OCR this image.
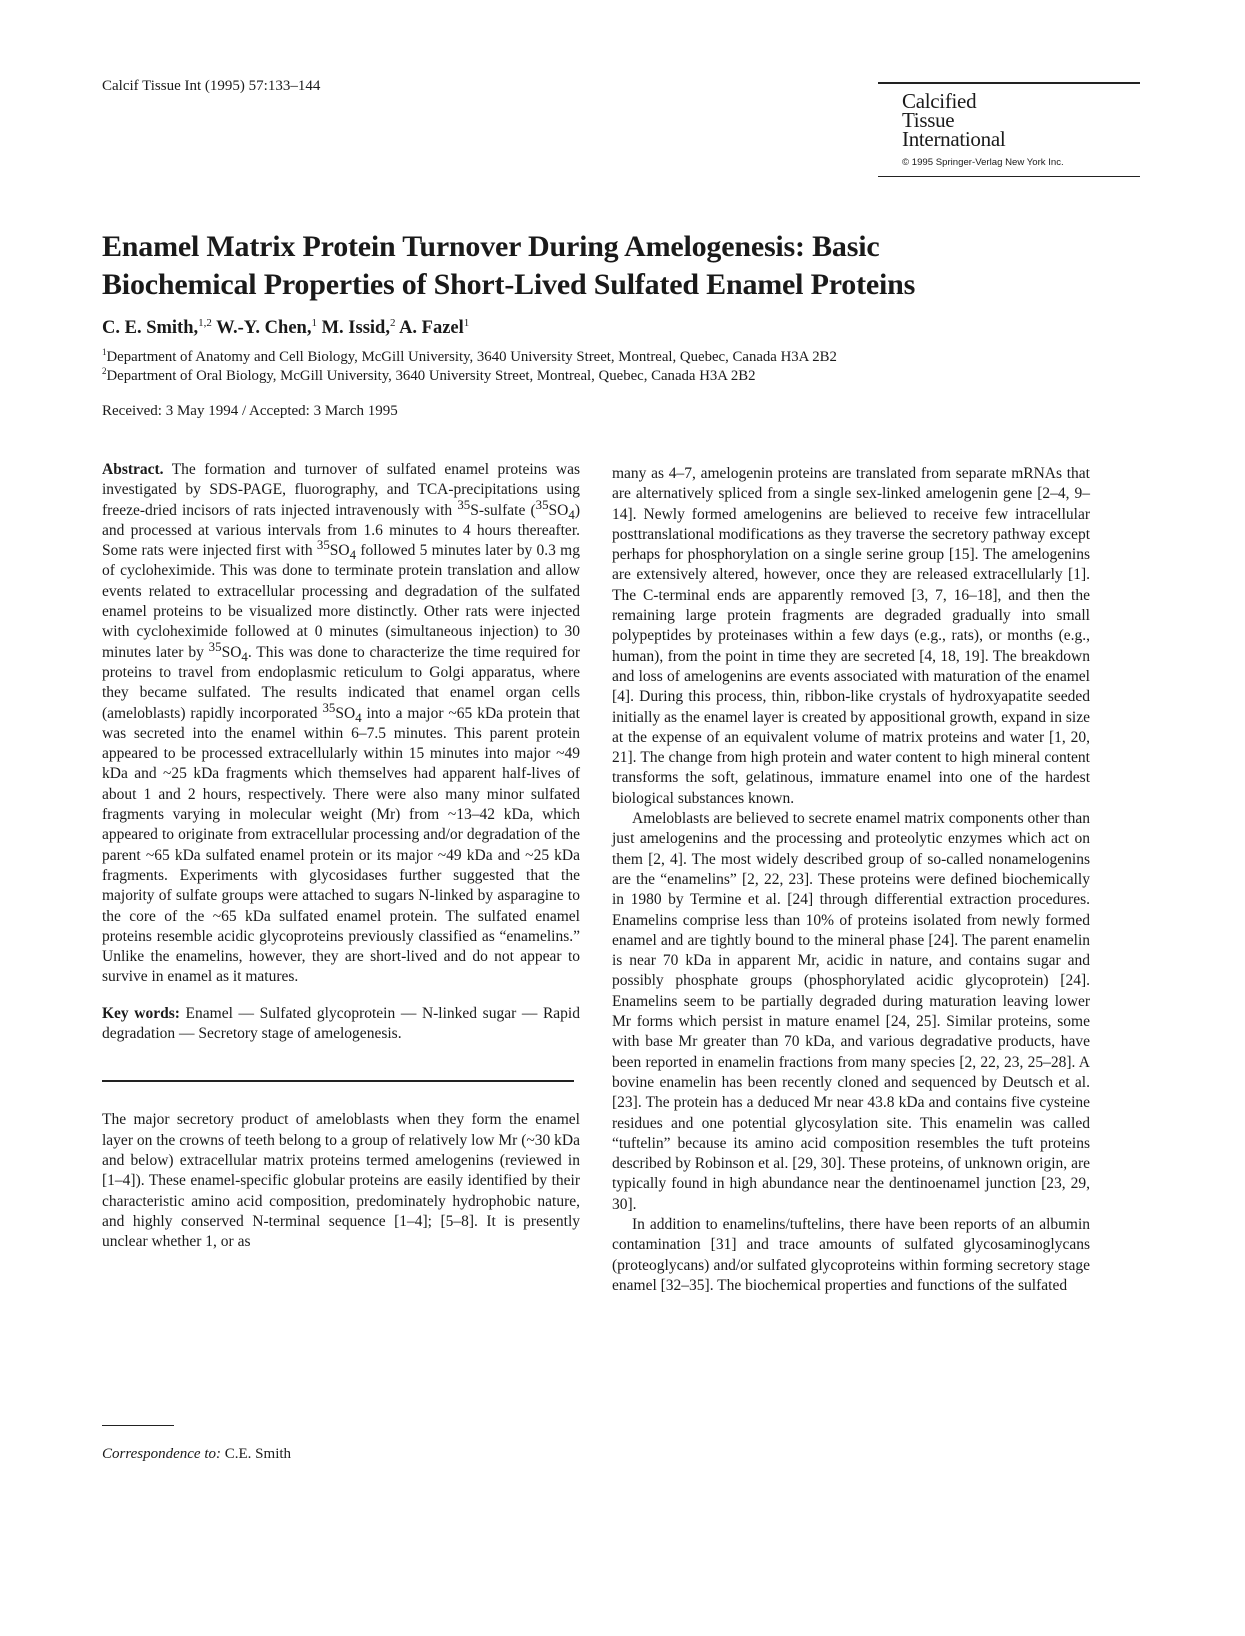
Calcif Tissue Int (1995) 57:133–144
Calcified
Tissue
International
© 1995 Springer-Verlag New York Inc.
Enamel Matrix Protein Turnover During Amelogenesis: Basic
Biochemical Properties of Short-Lived Sulfated Enamel Proteins
C. E. Smith,$^{1,2}$ W.-Y. Chen,$^1$ M. Issid,$^2$ A. Fazel$^1$
$^1$Department of Anatomy and Cell Biology, McGill University, 3640 University Street, Montreal, Quebec, Canada H3A 2B2
$^2$Department of Oral Biology, McGill University, 3640 University Street, Montreal, Quebec, Canada H3A 2B2
Received: 3 May 1994 / Accepted: 3 March 1995

Abstract. The formation and turnover of sulfated enamel proteins was investigated by SDS-PAGE, fluorography, and TCA-precipitations using freeze-dried incisors of rats injected intravenously with $^{35}$S-sulfate $(^{35}SO_4)$ and processed at various intervals from 1.6 minutes to 4 hours thereafter. Some rats were injected first with $^{35}SO_4$ followed 5 minutes later by 0.3 mg of cycloheximide. This was done to terminate protein translation and allow events related to extracellular processing and degradation of the sulfated enamel proteins to be visualized more distinctly. Other rats were injected with cycloheximide followed at 0 minutes (simultaneous injection) to 30 minutes later by $^{35}SO_4$. This was done to characterize the time required for proteins to travel from endoplasmic reticulum to Golgi apparatus, where they became sulfated. The results indicated that enamel organ cells (ameloblasts) rapidly incorporated $^{35}SO_4$ into a major ~65 kDa protein that was secreted into the enamel within 6–7.5 minutes. This parent protein appeared to be processed extracellularly within 15 minutes into major ~49 kDa and ~25 kDa fragments which themselves had apparent half-lives of about 1 and 2 hours, respectively. There were also many minor sulfated fragments varying in molecular weight (Mr) from ~13–42 kDa, which appeared to originate from extracellular processing and/or degradation of the parent ~65 kDa sulfated enamel protein or its major ~49 kDa and ~25 kDa fragments. Experiments with glycosidases further suggested that the majority of sulfate groups were attached to sugars N-linked by asparagine to the core of the ~65 kDa sulfated enamel protein. The sulfated enamel proteins resemble acidic glycoproteins previously classified as “enamelins.” Unlike the enamelins, however, they are short-lived and do not appear to survive in enamel as it matures.

Key words: Enamel — Sulfated glycoprotein — N-linked sugar — Rapid degradation — Secretory stage of amelogenesis.

The major secretory product of ameloblasts when they form the enamel layer on the crowns of teeth belong to a group of relatively low Mr (~30 kDa and below) extracellular matrix proteins termed amelogenins (reviewed in [1–4]). These enamel-specific globular proteins are easily identified by their characteristic amino acid composition, predominately hydrophobic nature, and highly conserved N-terminal sequence [1–4]; [5–8]. It is presently unclear whether 1, or as

Correspondence to: C.E. Smith

many as 4–7, amelogenin proteins are translated from separate mRNAs that are alternatively spliced from a single sex-linked amelogenin gene [2–4, 9–14]. Newly formed amelogenins are believed to receive few intracellular posttranslational modifications as they traverse the secretory pathway except perhaps for phosphorylation on a single serine group [15]. The amelogenins are extensively altered, however, once they are released extracellularly [1]. The C-terminal ends are apparently removed [3, 7, 16–18], and then the remaining large protein fragments are degraded gradually into small polypeptides by proteinases within a few days (e.g., rats), or months (e.g., human), from the point in time they are secreted [4, 18, 19]. The breakdown and loss of amelogenins are events associated with maturation of the enamel [4]. During this process, thin, ribbon-like crystals of hydroxyapatite seeded initially as the enamel layer is created by appositional growth, expand in size at the expense of an equivalent volume of matrix proteins and water [1, 20, 21]. The change from high protein and water content to high mineral content transforms the soft, gelatinous, immature enamel into one of the hardest biological substances known.

Ameloblasts are believed to secrete enamel matrix components other than just amelogenins and the processing and proteolytic enzymes which act on them [2, 4]. The most widely described group of so-called nonamelogenins are the “enamelins” [2, 22, 23]. These proteins were defined biochemically in 1980 by Termine et al. [24] through differential extraction procedures. Enamelins comprise less than 10% of proteins isolated from newly formed enamel and are tightly bound to the mineral phase [24]. The parent enamelin is near 70 kDa in apparent Mr, acidic in nature, and contains sugar and possibly phosphate groups (phosphorylated acidic glycoprotein) [24]. Enamelins seem to be partially degraded during maturation leaving lower Mr forms which persist in mature enamel [24, 25]. Similar proteins, some with base Mr greater than 70 kDa, and various degradative products, have been reported in enamelin fractions from many species [2, 22, 23, 25–28]. A bovine enamelin has been recently cloned and sequenced by Deutsch et al. [23]. The protein has a deduced Mr near 43.8 kDa and contains five cysteine residues and one potential glycosylation site. This enamelin was called “tuftelin” because its amino acid composition resembles the tuft proteins described by Robinson et al. [29, 30]. These proteins, of unknown origin, are typically found in high abundance near the dentinoenamel junction [23, 29, 30].

In addition to enamelins/tuftelins, there have been reports of an albumin contamination [31] and trace amounts of sulfated glycosaminoglycans (proteoglycans) and/or sulfated glycoproteins within forming secretory stage enamel [32–35]. The biochemical properties and functions of the sulfated
